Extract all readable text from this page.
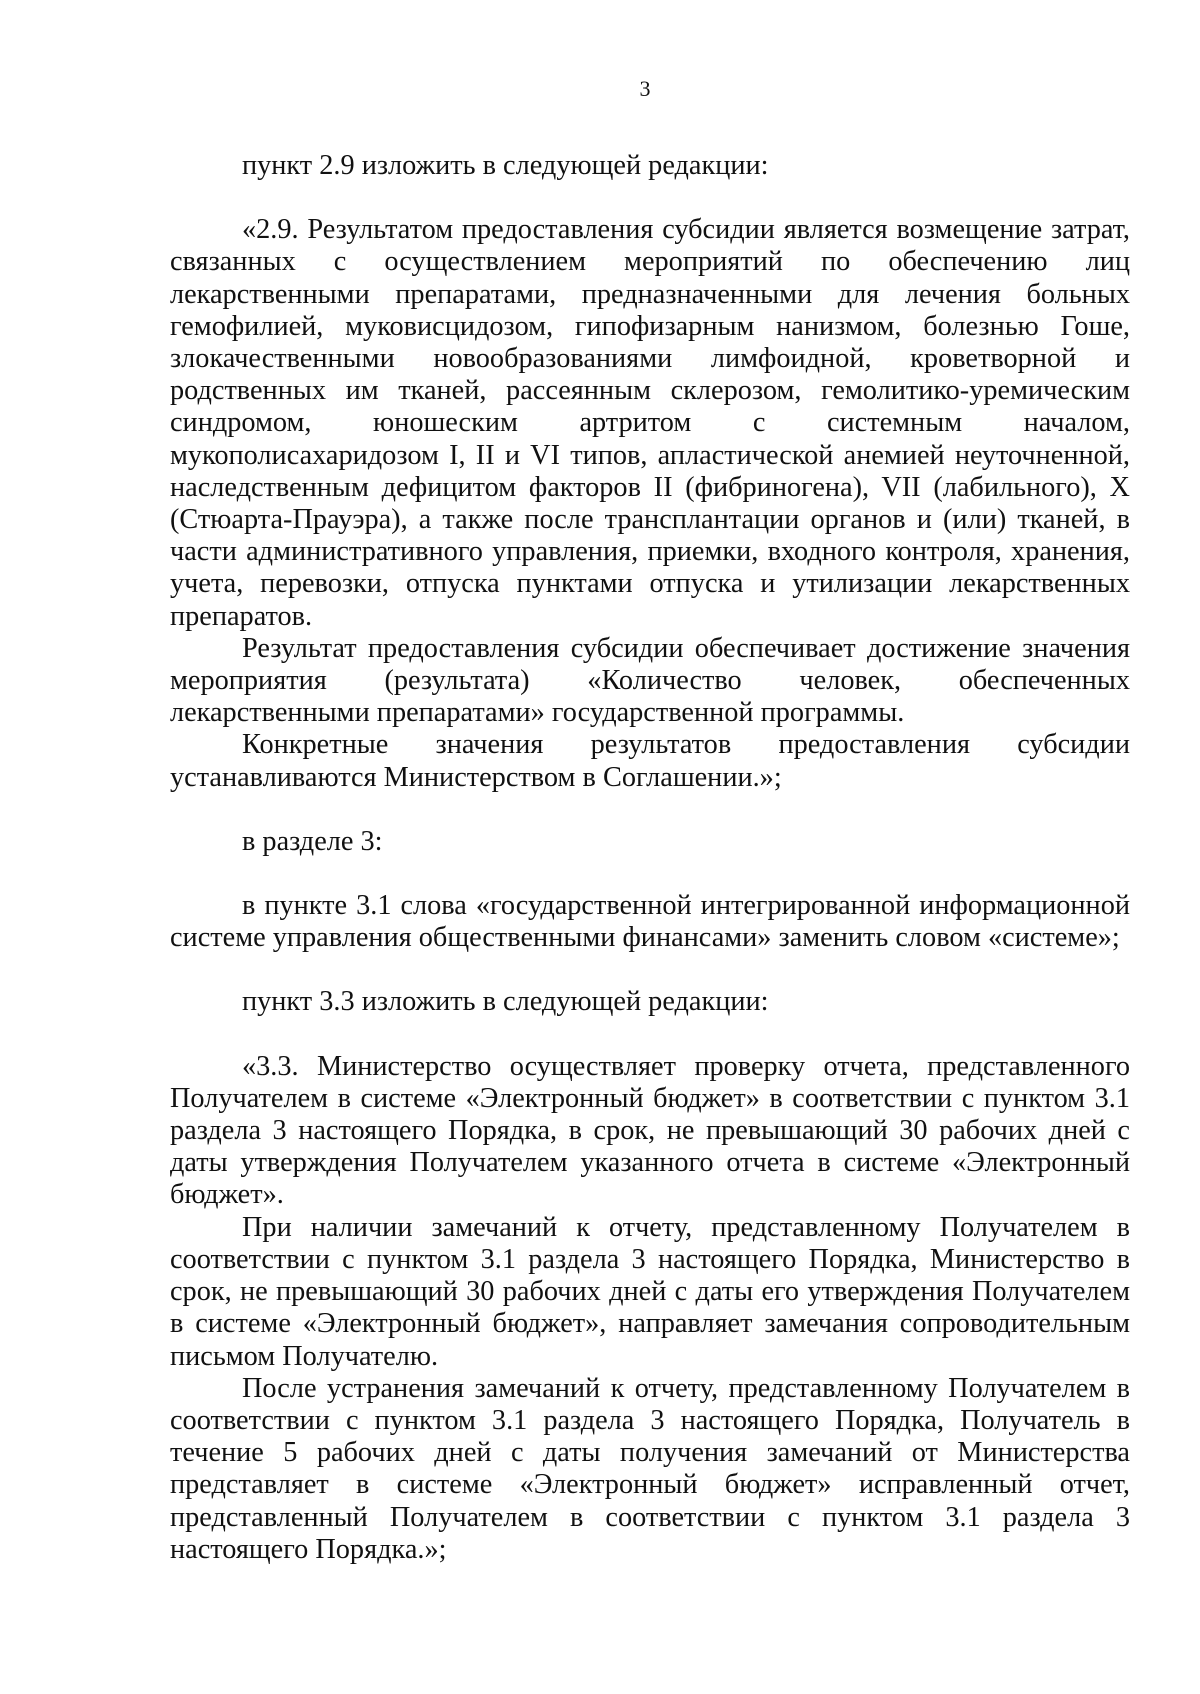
3

пункт 2.9 изложить в следующей редакции:

«2.9. Результатом предоставления субсидии является возмещение затрат, связанных с осуществлением мероприятий по обеспечению лиц лекарственными препаратами, предназначенными для лечения больных гемофилией, муковисцидозом, гипофизарным нанизмом, болезнью Гоше, злокачественными новообразованиями лимфоидной, кроветворной и родственных им тканей, рассеянным склерозом, гемолитико-уремическим синдромом, юношеским артритом с системным началом, мукополисахаридозом I, II и VI типов, апластической анемией неуточненной, наследственным дефицитом факторов II (фибриногена), VII (лабильного), X (Стюарта-Прауэра), а также после трансплантации органов и (или) тканей, в части административного управления, приемки, входного контроля, хранения, учета, перевозки, отпуска пунктами отпуска и утилизации лекарственных препаратов.

Результат предоставления субсидии обеспечивает достижение значения мероприятия (результата) «Количество человек, обеспеченных лекарственными препаратами» государственной программы.

Конкретные значения результатов предоставления субсидии устанавливаются Министерством в Соглашении.»;

в разделе 3:

в пункте 3.1 слова «государственной интегрированной информационной системе управления общественными финансами» заменить словом «системе»;

пункт 3.3 изложить в следующей редакции:

«3.3. Министерство осуществляет проверку отчета, представленного Получателем в системе «Электронный бюджет» в соответствии с пунктом 3.1 раздела 3 настоящего Порядка, в срок, не превышающий 30 рабочих дней с даты утверждения Получателем указанного отчета в системе «Электронный бюджет».

При наличии замечаний к отчету, представленному Получателем в соответствии с пунктом 3.1 раздела 3 настоящего Порядка, Министерство в срок, не превышающий 30 рабочих дней с даты его утверждения Получателем в системе «Электронный бюджет», направляет замечания сопроводительным письмом Получателю.

После устранения замечаний к отчету, представленному Получателем в соответствии с пунктом 3.1 раздела 3 настоящего Порядка, Получатель в течение 5 рабочих дней с даты получения замечаний от Министерства представляет в системе «Электронный бюджет» исправленный отчет, представленный Получателем в соответствии с пунктом 3.1 раздела 3 настоящего Порядка.»;
